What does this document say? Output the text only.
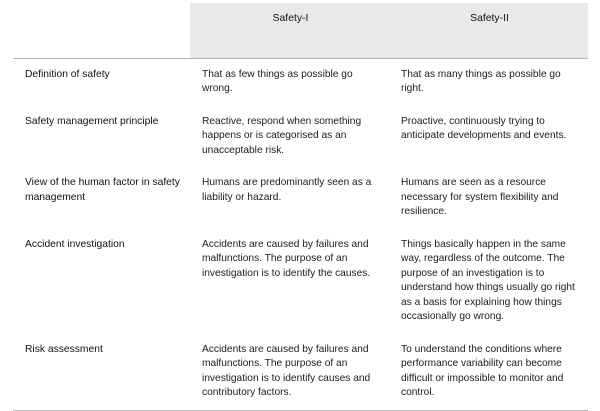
	Safety-I	Safety-II

Definition of safety	That as few things as possible go wrong.	That as many things as possible go right.

Safety management principle	Reactive, respond when something happens or is categorised as an unacceptable risk.	Proactive, continuously trying to anticipate developments and events.

View of the human factor in safety management	Humans are predominantly seen as a liability or hazard.	Humans are seen as a resource necessary for system flexibility and resilience.

Accident investigation	Accidents are caused by failures and malfunctions. The purpose of an investigation is to identify the causes.	Things basically happen in the same way, regardless of the outcome. The purpose of an investigation is to understand how things usually go right as a basis for explaining how things occasionally go wrong.

Risk assessment	Accidents are caused by failures and malfunctions. The purpose of an investigation is to identify causes and contributory factors.	To understand the conditions where performance variability can become difficult or impossible to monitor and control.
